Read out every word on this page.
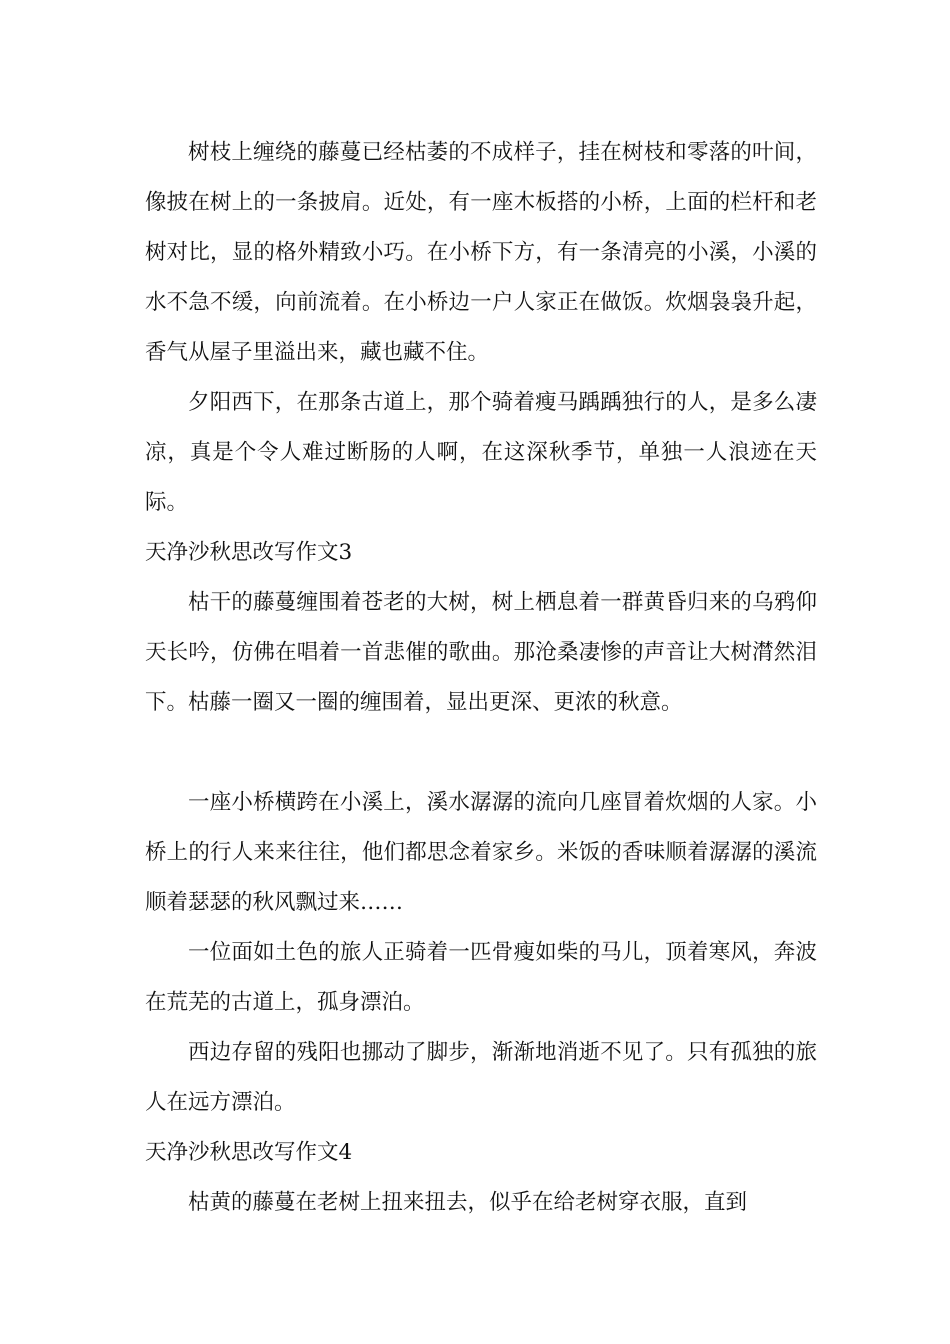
树枝上缠绕的藤蔓已经枯萎的不成样子，挂在树枝和零落的叶间，像披在树上的一条披肩。近处，有一座木板搭的小桥，上面的栏杆和老树对比，显的格外精致小巧。在小桥下方，有一条清亮的小溪，小溪的水不急不缓，向前流着。在小桥边一户人家正在做饭。炊烟袅袅升起，香气从屋子里溢出来，藏也藏不住。

夕阳西下，在那条古道上，那个骑着瘦马踽踽独行的人，是多么凄凉，真是个令人难过断肠的人啊，在这深秋季节，单独一人浪迹在天际。

天净沙秋思改写作文3

枯干的藤蔓缠围着苍老的大树，树上栖息着一群黄昏归来的乌鸦仰天长吟，仿佛在唱着一首悲催的歌曲。那沧桑凄惨的声音让大树潸然泪下。枯藤一圈又一圈的缠围着，显出更深、更浓的秋意。

一座小桥横跨在小溪上，溪水潺潺的流向几座冒着炊烟的人家。小桥上的行人来来往往，他们都思念着家乡。米饭的香味顺着潺潺的溪流顺着瑟瑟的秋风飘过来……

一位面如土色的旅人正骑着一匹骨瘦如柴的马儿，顶着寒风，奔波在荒芜的古道上，孤身漂泊。

西边存留的残阳也挪动了脚步，渐渐地消逝不见了。只有孤独的旅人在远方漂泊。

天净沙秋思改写作文4

枯黄的藤蔓在老树上扭来扭去，似乎在给老树穿衣服，直到
